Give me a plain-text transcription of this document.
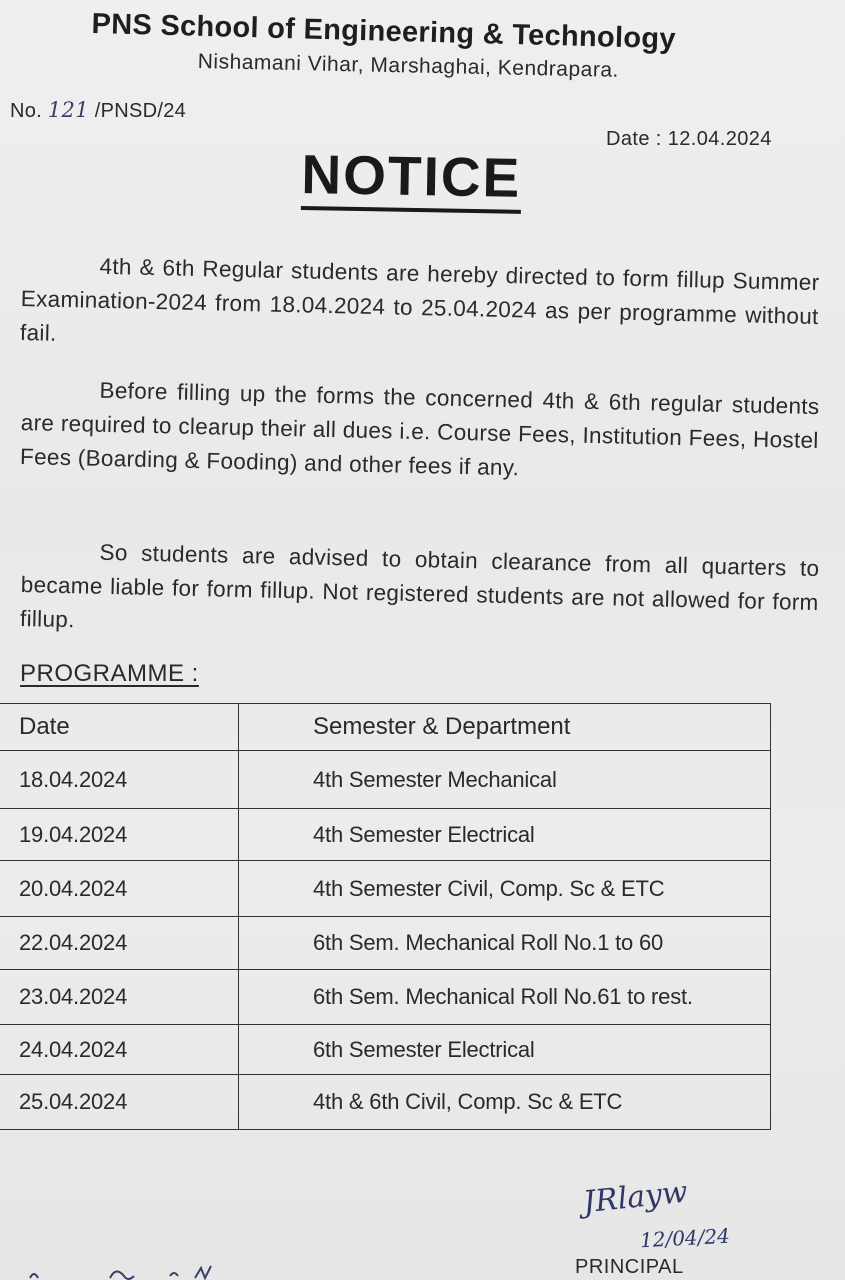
PNS School of Engineering & Technology
Nishamani Vihar, Marshaghai, Kendrapara.
No. 121 /PNSD/24
Date : 12.04.2024
NOTICE

4th & 6th Regular students are hereby directed to form fillup Summer Examination-2024 from 18.04.2024 to 25.04.2024 as per programme without fail.

Before filling up the forms the concerned 4th & 6th regular students are required to clearup their all dues i.e. Course Fees, Institution Fees, Hostel Fees (Boarding & Fooding) and other fees if any.

So students are advised to obtain clearance from all quarters to became liable for form fillup. Not registered students are not allowed for form fillup.

PROGRAMME :
Date	Semester & Department
18.04.2024	4th Semester Mechanical
19.04.2024	4th Semester Electrical
20.04.2024	4th Semester Civil, Comp. Sc & ETC
22.04.2024	6th Sem. Mechanical Roll No.1 to 60
23.04.2024	6th Sem. Mechanical Roll No.61 to rest.
24.04.2024	6th Semester Electrical
25.04.2024	4th & 6th Civil, Comp. Sc & ETC
JRlayw
12/04/24
PRINCIPAL
